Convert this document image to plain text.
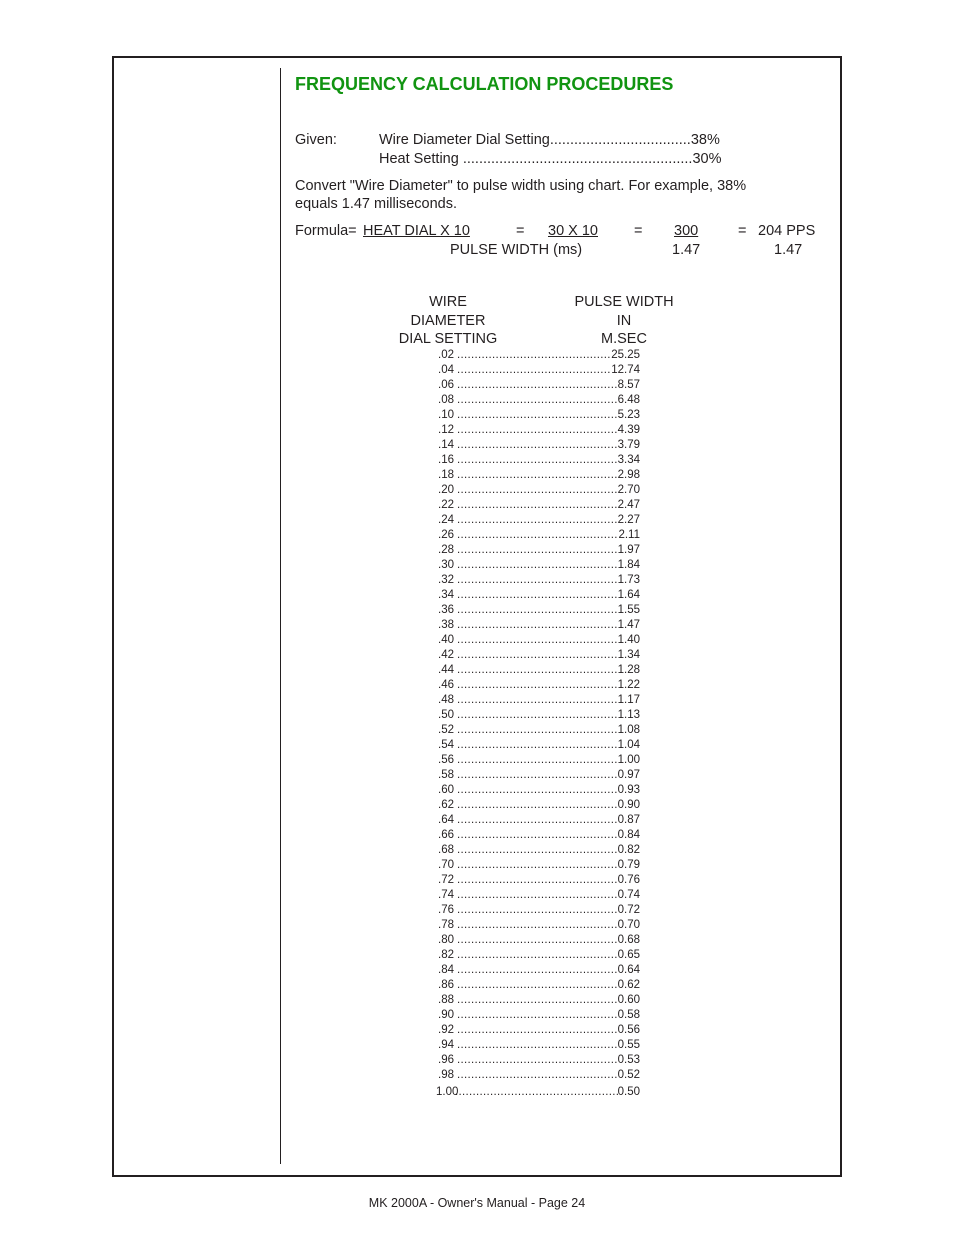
FREQUENCY CALCULATION PROCEDURES
Given:	Wire Diameter Dial Setting...................................38%
Heat Setting .........................................................30%
Convert "Wire Diameter" to pulse width using chart. For example, 38%
equals 1.47 milliseconds.
Formula= HEAT DIAL X 10	= 30 X 10 = 300	= 204 PPS
PULSE WIDTH (ms)	1.47	1.47
WIRE
DIAMETER
DIAL SETTING
PULSE WIDTH
IN
M.SEC
.02 .....	25.25
.04 .....	12.74
.06 .....	8.57
.08 .....	6.48
.10 .....	5.23
.12 .....	4.39
.14 .....	3.79
.16 .....	3.34
.18 .....	2.98
.20 .....	2.70
.22 .....	2.47
.24 .....	2.27
.26 .....	2.11
.28 .....	1.97
.30 .....	1.84
.32 .....	1.73
.34 .....	1.64
.36 .....	1.55
.38 .....	1.47
.40 .....	1.40
.42 .....	1.34
.44 .....	1.28
.46 .....	1.22
.48 .....	1.17
.50 .....	1.13
.52 .....	1.08
.54 .....	1.04
.56 .....	1.00
.58 .....	0.97
.60 .....	0.93
.62 .....	0.90
.64 .....	0.87
.66 .....	0.84
.68 .....	0.82
.70 .....	0.79
.72 .....	0.76
.74 .....	0.74
.76 .....	0.72
.78 .....	0.70
.80 .....	0.68
.82 .....	0.65
.84 .....	0.64
.86 .....	0.62
.88 .....	0.60
.90 .....	0.58
.92 .....	0.56
.94 .....	0.55
.96 .....	0.53
.98 .....	0.52
1.00 .....	0.50
MK 2000A - Owner's Manual - Page 24
